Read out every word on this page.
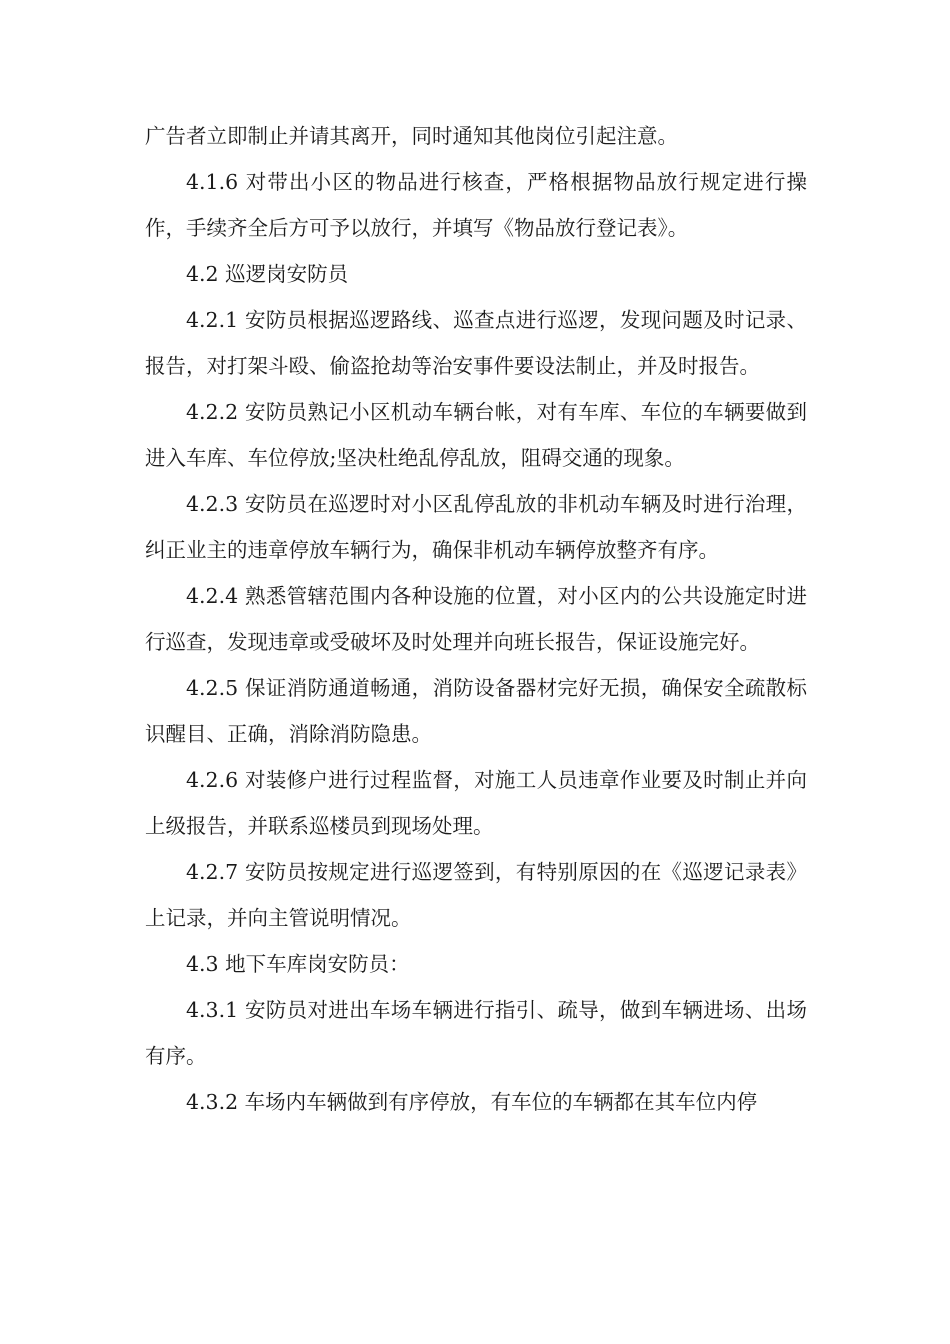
广告者立即制止并请其离开，同时通知其他岗位引起注意。

4.1.6 对带出小区的物品进行核查，严格根据物品放行规定进行操作，手续齐全后方可予以放行，并填写《物品放行登记表》。

4.2 巡逻岗安防员

4.2.1 安防员根据巡逻路线、巡查点进行巡逻，发现问题及时记录、报告，对打架斗殴、偷盗抢劫等治安事件要设法制止，并及时报告。

4.2.2 安防员熟记小区机动车辆台帐，对有车库、车位的车辆要做到进入车库、车位停放;坚决杜绝乱停乱放，阻碍交通的现象。

4.2.3 安防员在巡逻时对小区乱停乱放的非机动车辆及时进行治理，纠正业主的违章停放车辆行为，确保非机动车辆停放整齐有序。

4.2.4 熟悉管辖范围内各种设施的位置，对小区内的公共设施定时进行巡查，发现违章或受破坏及时处理并向班长报告，保证设施完好。

4.2.5 保证消防通道畅通，消防设备器材完好无损，确保安全疏散标识醒目、正确，消除消防隐患。

4.2.6 对装修户进行过程监督，对施工人员违章作业要及时制止并向上级报告，并联系巡楼员到现场处理。

4.2.7 安防员按规定进行巡逻签到，有特别原因的在《巡逻记录表》上记录，并向主管说明情况。

4.3 地下车库岗安防员：

4.3.1 安防员对进出车场车辆进行指引、疏导，做到车辆进场、出场有序。

4.3.2 车场内车辆做到有序停放，有车位的车辆都在其车位内停
